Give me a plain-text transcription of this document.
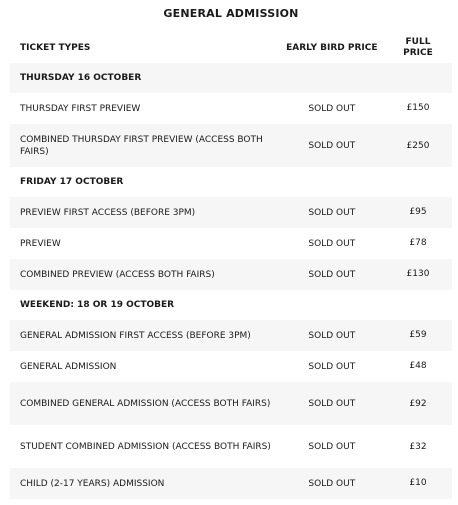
GENERAL ADMISSION
TICKET TYPES	EARLY BIRD PRICE	FULL
PRICE
THURSDAY 16 OCTOBER		
THURSDAY FIRST PREVIEW	SOLD OUT	£150
COMBINED THURSDAY FIRST PREVIEW (ACCESS BOTH FAIRS)	SOLD OUT	£250
FRIDAY 17 OCTOBER		
PREVIEW FIRST ACCESS (BEFORE 3PM)	SOLD OUT	£95
PREVIEW	SOLD OUT	£78
COMBINED PREVIEW (ACCESS BOTH FAIRS)	SOLD OUT	£130
WEEKEND: 18 OR 19 OCTOBER		
GENERAL ADMISSION FIRST ACCESS (BEFORE 3PM)	SOLD OUT	£59
GENERAL ADMISSION	SOLD OUT	£48
COMBINED GENERAL ADMISSION (ACCESS BOTH FAIRS)	SOLD OUT	£92
STUDENT COMBINED ADMISSION (ACCESS BOTH FAIRS)	SOLD OUT	£32
CHILD (2-17 YEARS) ADMISSION	SOLD OUT	£10
